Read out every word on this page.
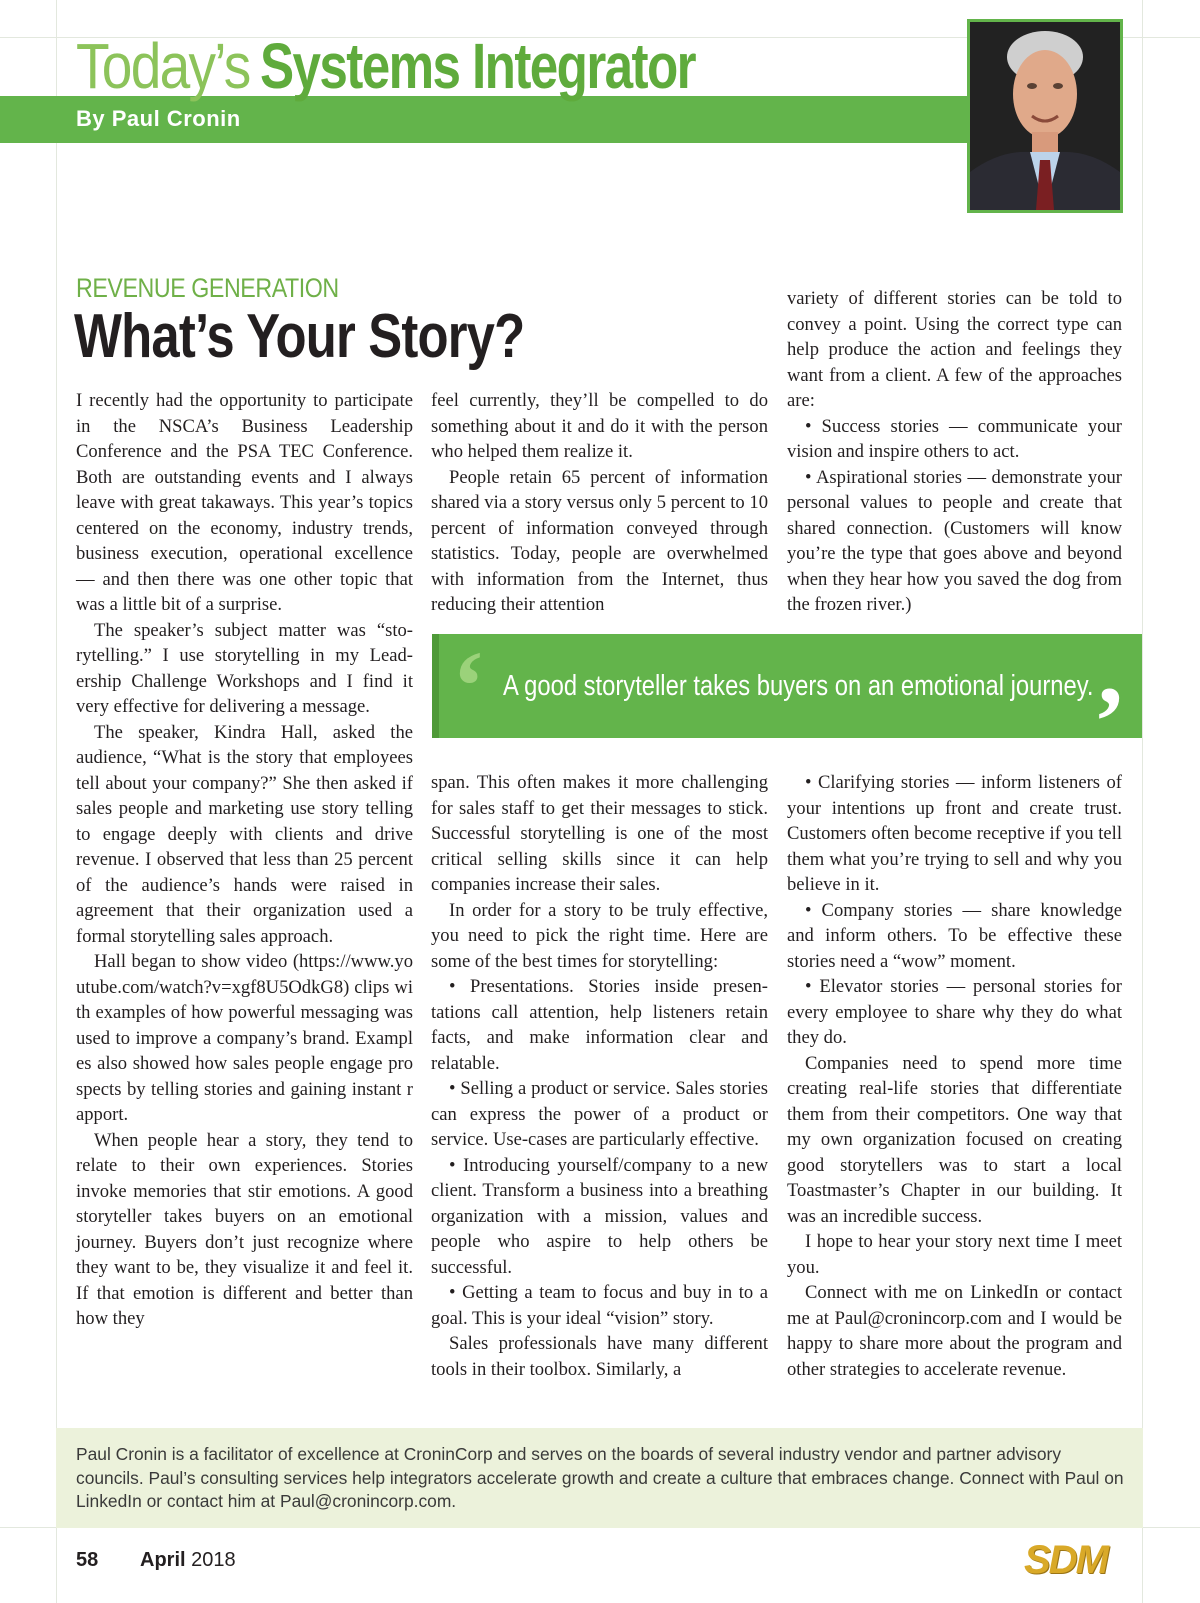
Today’s Systems Integrator
By Paul Cronin
REVENUE GENERATION
What’s Your Story?

I recently had the opportunity to participate in the NSCA’s Business Leadership Conference and the PSA TEC Conference. Both are outstanding events and I always leave with great takaways. This year’s topics centered on the economy, industry trends, business execution, operational excellence — and then there was one other topic that was a little bit of a surprise.

The speaker’s subject matter was “storytelling.” I use storytelling in my Leadership Challenge Workshops and I find it very effective for delivering a message.

The speaker, Kindra Hall, asked the audience, “What is the story that employees tell about your company?” She then asked if sales people and marketing use story telling to engage deeply with clients and drive revenue. I observed that less than 25 percent of the audience’s hands were raised in agreement that their organization used a formal storytelling sales approach.

Hall began to show video (https://www.youtube.com/watch?v=xgf8U5OdkG8) clips with examples of how powerful messaging was used to improve a company’s brand. Examples also showed how sales people engage prospects by telling stories and gaining instant rapport.

When people hear a story, they tend to relate to their own experiences. Stories invoke memories that stir emotions. A good storyteller takes buyers on an emotional journey. Buyers don’t just recognize where they want to be, they visualize it and feel it. If that emotion is different and better than how they

feel currently, they’ll be compelled to do something about it and do it with the person who helped them realize it.

People retain 65 percent of information shared via a story versus only 5 percent to 10 percent of information conveyed through statistics. Today, people are overwhelmed with information from the Internet, thus reducing their attention

variety of different stories can be told to convey a point. Using the correct type can help produce the action and feelings they want from a client. A few of the approaches are:

• Success stories — communicate your vision and inspire others to act.

• Aspirational stories — demonstrate your personal values to people and create that shared connection. (Customers will know you’re the type that goes above and beyond when they hear how you saved the dog from the frozen river.)

‘ A good storyteller takes buyers on an emotional journey. ’

span. This often makes it more challenging for sales staff to get their messages to stick. Successful storytelling is one of the most critical selling skills since it can help companies increase their sales.

In order for a story to be truly effective, you need to pick the right time. Here are some of the best times for storytelling:

• Presentations. Stories inside presentations call attention, help listeners retain facts, and make information clear and relatable.

• Selling a product or service. Sales stories can express the power of a product or service. Use-cases are particularly effective.

• Introducing yourself/company to a new client. Transform a business into a breathing organization with a mission, values and people who aspire to help others be successful.

• Getting a team to focus and buy in to a goal. This is your ideal “vision” story.

Sales professionals have many different tools in their toolbox. Similarly, a

• Clarifying stories — inform listeners of your intentions up front and create trust. Customers often become receptive if you tell them what you’re trying to sell and why you believe in it.

• Company stories — share knowledge and inform others. To be effective these stories need a “wow” moment.

• Elevator stories — personal stories for every employee to share why they do what they do.

Companies need to spend more time creating real-life stories that differentiate them from their competitors. One way that my own organization focused on creating good storytellers was to start a local Toastmaster’s Chapter in our building. It was an incredible success.

I hope to hear your story next time I meet you.

Connect with me on LinkedIn or contact me at Paul@cronincorp.com and I would be happy to share more about the program and other strategies to accelerate revenue.

Paul Cronin is a facilitator of excellence at CroninCorp and serves on the boards of several industry vendor and partner advisory councils. Paul’s consulting services help integrators accelerate growth and create a culture that embraces change. Connect with Paul on LinkedIn or contact him at Paul@cronincorp.com.
58 April 2018	SDM
